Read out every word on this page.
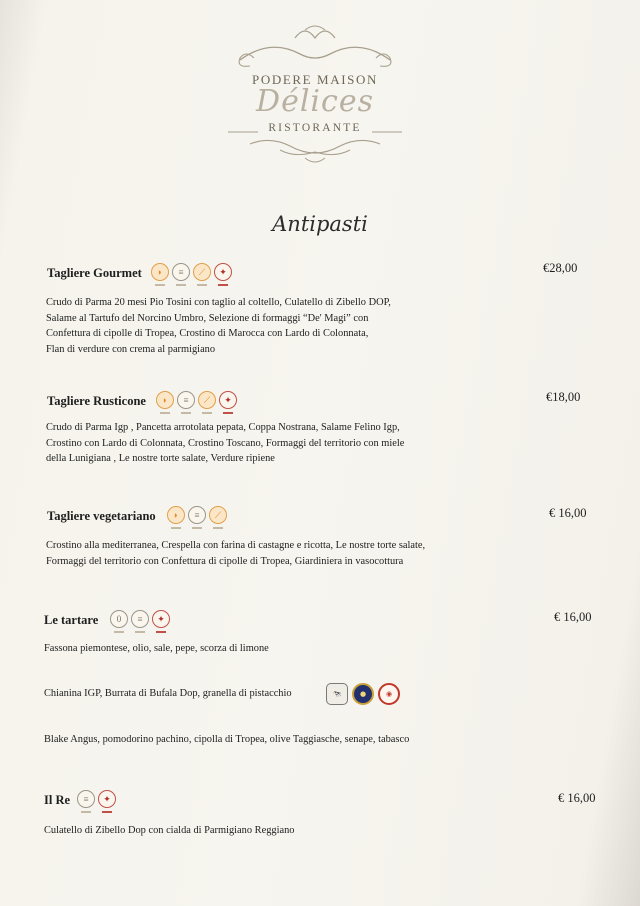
PODERE MAISON
Délices
RISTORANTE
Antipasti
Tagliere Gourmet	◗	≡	⟋	✦	€28,00
Crudo di Parma 20 mesi Pio Tosini con taglio al coltello, Culatello di Zibello DOP,
Salame al Tartufo del Norcino Umbro, Selezione di formaggi “De' Magi” con
Confettura di cipolle di Tropea, Crostino di Marocca con Lardo di Colonnata,
Flan di verdure con crema al parmigiano
Tagliere Rusticone	◗	≡	⟋	✦	€18,00
Crudo di Parma Igp , Pancetta arrotolata pepata, Coppa Nostrana, Salame Felino Igp,
Crostino con Lardo di Colonnata, Crostino Toscano, Formaggi del territorio con miele
della Lunigiana , Le nostre torte salate, Verdure ripiene
Tagliere vegetariano	◗	≡	⟋	€ 16,00
Crostino alla mediterranea, Crespella con farina di castagne e ricotta, Le nostre torte salate,
Formaggi del territorio con Confettura di cipolle di Tropea, Giardiniera in vasocottura
Le tartare	0	≡	✦	€ 16,00
Fassona piemontese, olio, sale, pepe, scorza di limone
Chianina IGP, Burrata di Bufala Dop, granella di pistacchio	🐄	●	◉
Blake Angus, pomodorino pachino, cipolla di Tropea, olive Taggiasche, senape, tabasco
Il Re	≡	✦	€ 16,00
Culatello di Zibello Dop con cialda di Parmigiano Reggiano
